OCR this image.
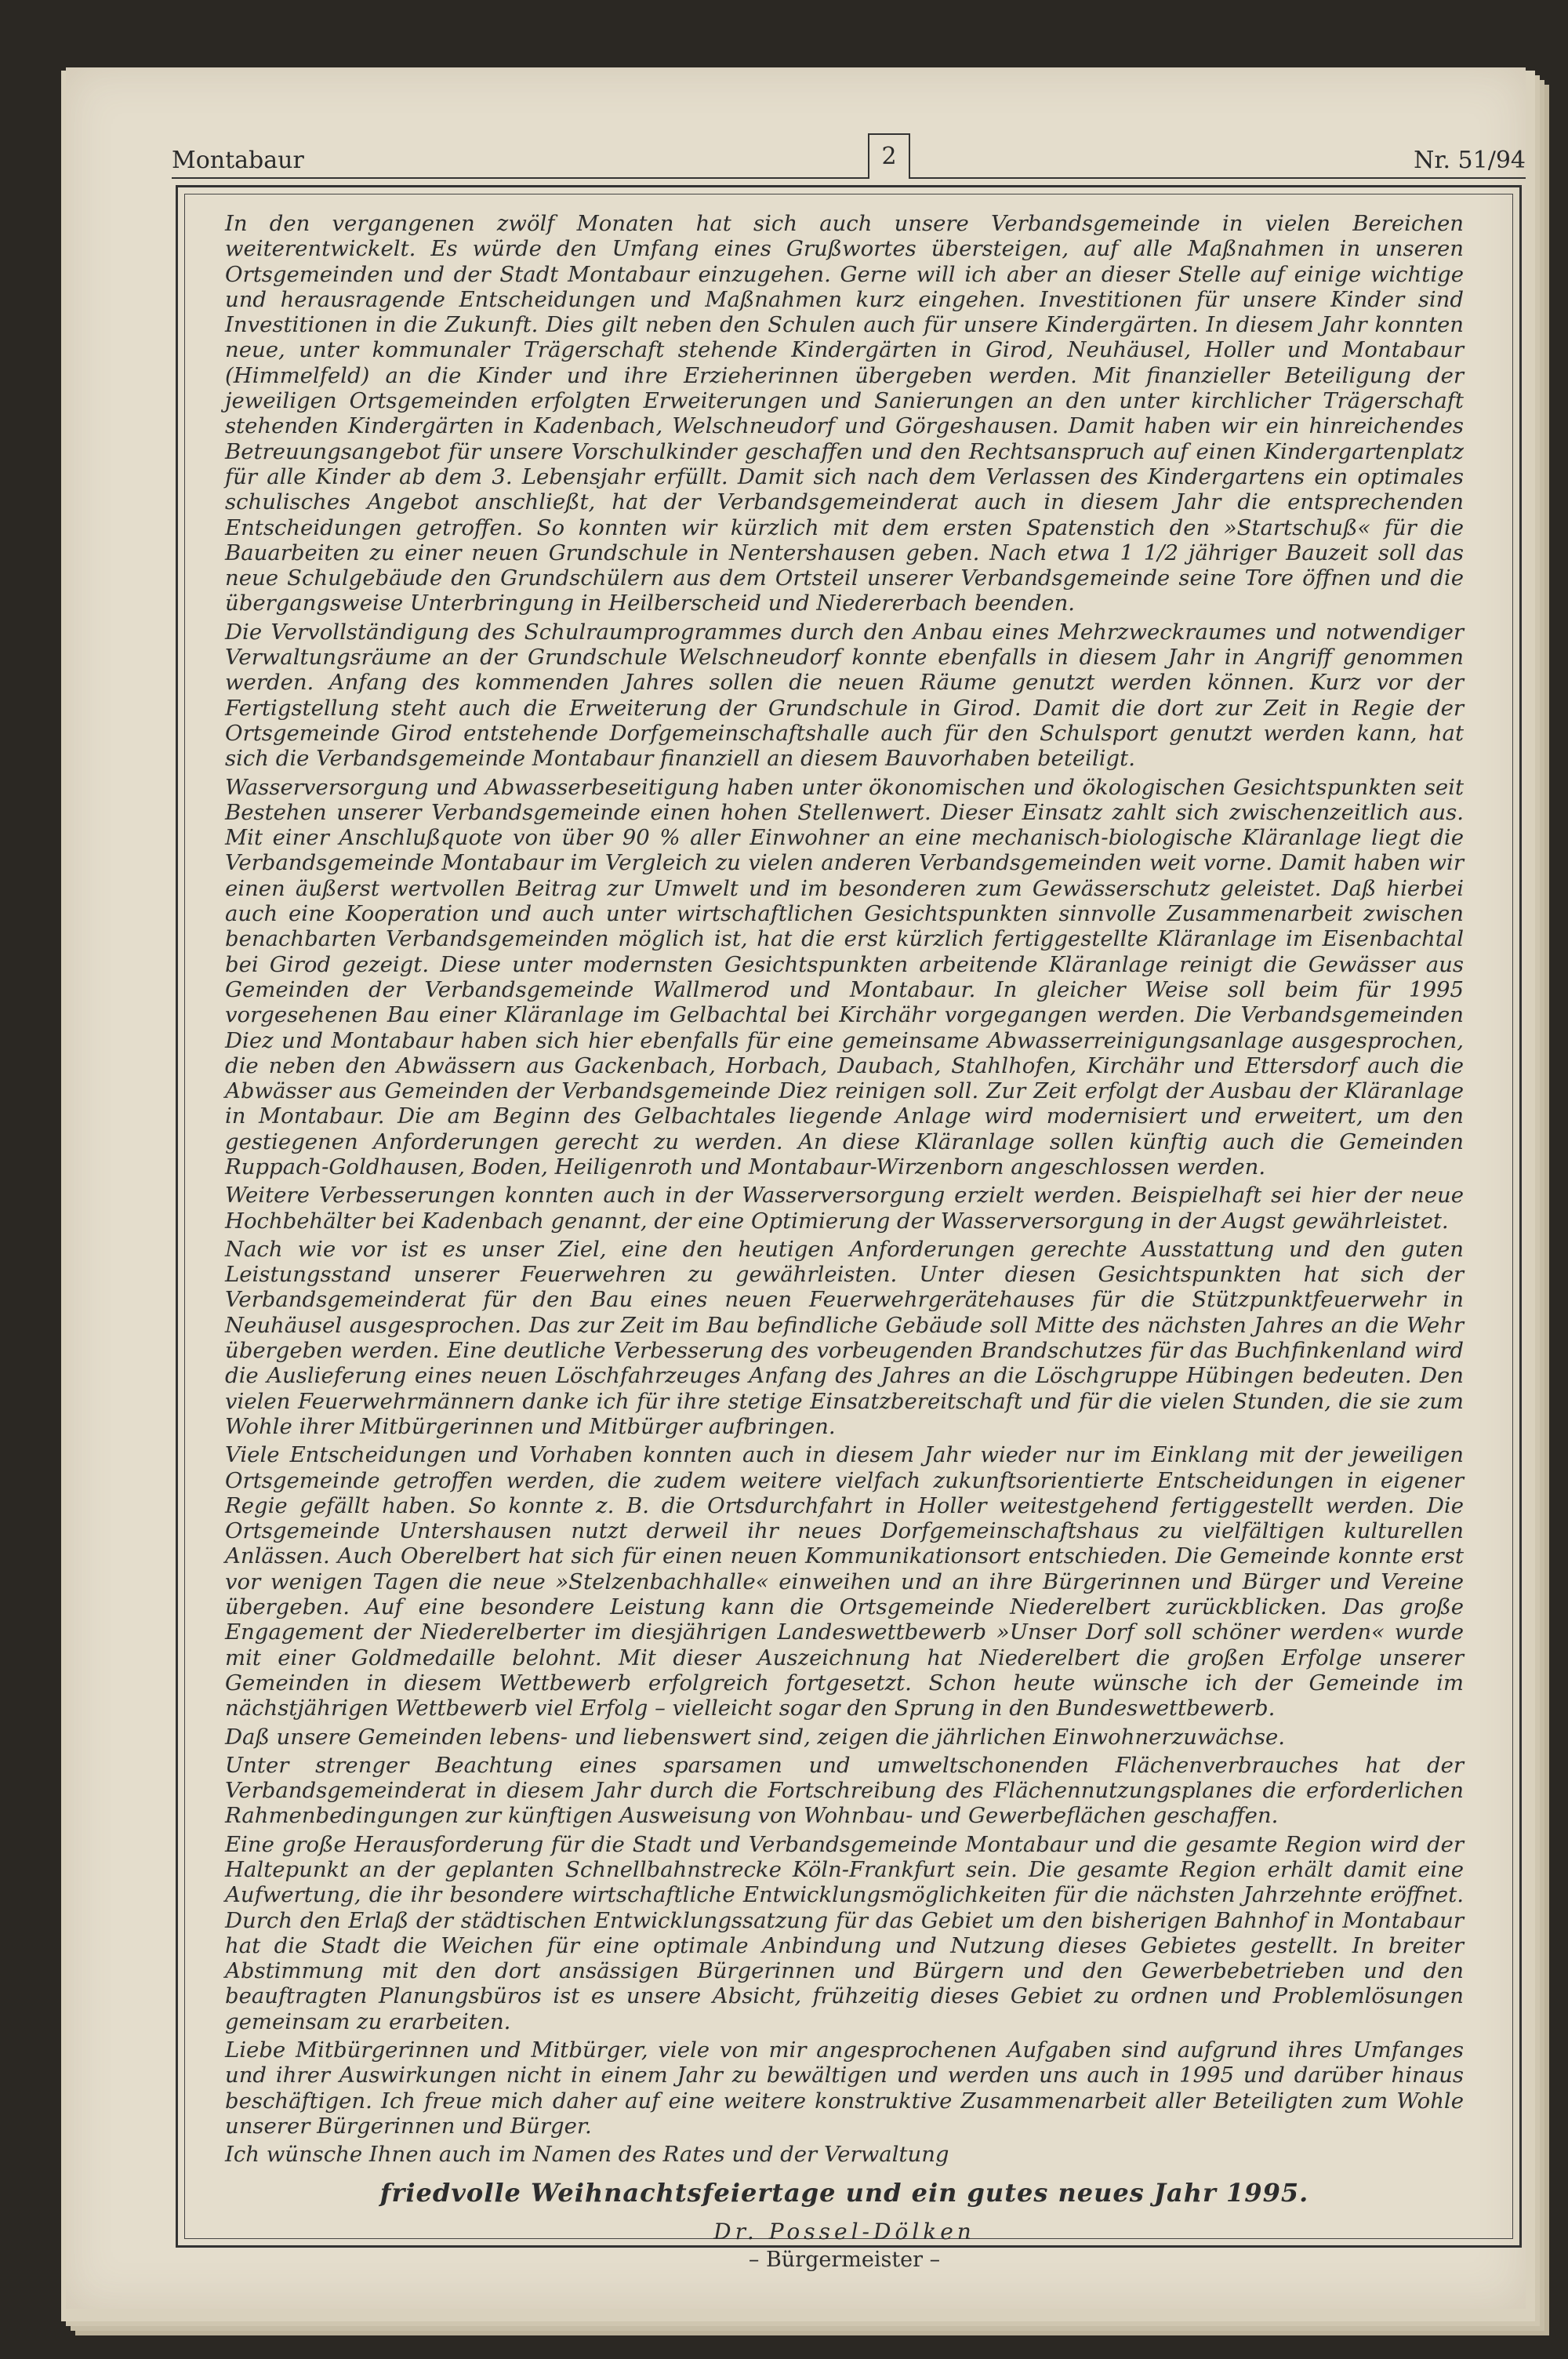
Montabaur	2	Nr. 51/94

In den vergangenen zwölf Monaten hat sich auch unsere Verbandsgemeinde in vielen Bereichen weiterentwickelt. Es würde den Umfang eines Grußwortes übersteigen, auf alle Maßnahmen in unseren Ortsgemeinden und der Stadt Montabaur einzugehen. Gerne will ich aber an dieser Stelle auf einige wichtige und herausragende Entscheidungen und Maßnahmen kurz eingehen. Investitionen für unsere Kinder sind Investitionen in die Zukunft. Dies gilt neben den Schulen auch für unsere Kindergärten. In diesem Jahr konnten neue, unter kommunaler Trägerschaft stehende Kindergärten in Girod, Neuhäusel, Holler und Montabaur (Himmelfeld) an die Kinder und ihre Erzieherinnen übergeben werden. Mit finanzieller Beteiligung der jeweiligen Ortsgemeinden erfolgten Erweiterungen und Sanierungen an den unter kirchlicher Trägerschaft stehenden Kindergärten in Kadenbach, Welschneudorf und Görgeshausen. Damit haben wir ein hinreichendes Betreuungsangebot für unsere Vorschulkinder geschaffen und den Rechtsanspruch auf einen Kindergartenplatz für alle Kinder ab dem 3. Lebensjahr erfüllt. Damit sich nach dem Verlassen des Kindergartens ein optimales schulisches Angebot anschließt, hat der Verbandsgemeinderat auch in diesem Jahr die entsprechenden Entscheidungen getroffen. So konnten wir kürzlich mit dem ersten Spatenstich den »Startschuß« für die Bauarbeiten zu einer neuen Grundschule in Nentershausen geben. Nach etwa 1 1/2 jähriger Bauzeit soll das neue Schulgebäude den Grundschülern aus dem Ortsteil unserer Verbandsgemeinde seine Tore öffnen und die übergangsweise Unterbringung in Heilberscheid und Niedererbach beenden.

Die Vervollständigung des Schulraumprogrammes durch den Anbau eines Mehrzweckraumes und notwendiger Verwaltungsräume an der Grundschule Welschneudorf konnte ebenfalls in diesem Jahr in Angriff genommen werden. Anfang des kommenden Jahres sollen die neuen Räume genutzt werden können. Kurz vor der Fertigstellung steht auch die Erweiterung der Grundschule in Girod. Damit die dort zur Zeit in Regie der Ortsgemeinde Girod entstehende Dorfgemeinschaftshalle auch für den Schulsport genutzt werden kann, hat sich die Verbandsgemeinde Montabaur finanziell an diesem Bauvorhaben beteiligt.

Wasserversorgung und Abwasserbeseitigung haben unter ökonomischen und ökologischen Gesichtspunkten seit Bestehen unserer Verbandsgemeinde einen hohen Stellenwert. Dieser Einsatz zahlt sich zwischenzeitlich aus. Mit einer Anschlußquote von über 90 % aller Einwohner an eine mechanisch-biologische Kläranlage liegt die Verbandsgemeinde Montabaur im Vergleich zu vielen anderen Verbandsgemeinden weit vorne. Damit haben wir einen äußerst wertvollen Beitrag zur Umwelt und im besonderen zum Gewässerschutz geleistet. Daß hierbei auch eine Kooperation und auch unter wirtschaftlichen Gesichtspunkten sinnvolle Zusammenarbeit zwischen benachbarten Verbandsgemeinden möglich ist, hat die erst kürzlich fertiggestellte Kläranlage im Eisenbachtal bei Girod gezeigt. Diese unter modernsten Gesichtspunkten arbeitende Kläranlage reinigt die Gewässer aus Gemeinden der Verbandsgemeinde Wallmerod und Montabaur. In gleicher Weise soll beim für 1995 vorgesehenen Bau einer Kläranlage im Gelbachtal bei Kirchähr vorgegangen werden. Die Verbandsgemeinden Diez und Montabaur haben sich hier ebenfalls für eine gemeinsame Abwasserreinigungsanlage ausgesprochen, die neben den Abwässern aus Gackenbach, Horbach, Daubach, Stahlhofen, Kirchähr und Ettersdorf auch die Abwässer aus Gemeinden der Verbandsgemeinde Diez reinigen soll. Zur Zeit erfolgt der Ausbau der Kläranlage in Montabaur. Die am Beginn des Gelbachtales liegende Anlage wird modernisiert und erweitert, um den gestiegenen Anforderungen gerecht zu werden. An diese Kläranlage sollen künftig auch die Gemeinden Ruppach-Goldhausen, Boden, Heiligenroth und Montabaur-Wirzenborn angeschlossen werden.

Weitere Verbesserungen konnten auch in der Wasserversorgung erzielt werden. Beispielhaft sei hier der neue Hochbehälter bei Kadenbach genannt, der eine Optimierung der Wasserversorgung in der Augst gewährleistet.

Nach wie vor ist es unser Ziel, eine den heutigen Anforderungen gerechte Ausstattung und den guten Leistungsstand unserer Feuerwehren zu gewährleisten. Unter diesen Gesichtspunkten hat sich der Verbandsgemeinderat für den Bau eines neuen Feuerwehrgerätehauses für die Stützpunktfeuerwehr in Neuhäusel ausgesprochen. Das zur Zeit im Bau befindliche Gebäude soll Mitte des nächsten Jahres an die Wehr übergeben werden. Eine deutliche Verbesserung des vorbeugenden Brandschutzes für das Buchfinkenland wird die Auslieferung eines neuen Löschfahrzeuges Anfang des Jahres an die Löschgruppe Hübingen bedeuten. Den vielen Feuerwehrmännern danke ich für ihre stetige Einsatzbereitschaft und für die vielen Stunden, die sie zum Wohle ihrer Mitbürgerinnen und Mitbürger aufbringen.

Viele Entscheidungen und Vorhaben konnten auch in diesem Jahr wieder nur im Einklang mit der jeweiligen Ortsgemeinde getroffen werden, die zudem weitere vielfach zukunftsorientierte Entscheidungen in eigener Regie gefällt haben. So konnte z. B. die Ortsdurchfahrt in Holler weitestgehend fertiggestellt werden. Die Ortsgemeinde Untershausen nutzt derweil ihr neues Dorfgemeinschaftshaus zu vielfältigen kulturellen Anlässen. Auch Oberelbert hat sich für einen neuen Kommunikationsort entschieden. Die Gemeinde konnte erst vor wenigen Tagen die neue »Stelzenbachhalle« einweihen und an ihre Bürgerinnen und Bürger und Vereine übergeben. Auf eine besondere Leistung kann die Ortsgemeinde Niederelbert zurückblicken. Das große Engagement der Niederelberter im diesjährigen Landeswettbewerb »Unser Dorf soll schöner werden« wurde mit einer Goldmedaille belohnt. Mit dieser Auszeichnung hat Niederelbert die großen Erfolge unserer Gemeinden in diesem Wettbewerb erfolgreich fortgesetzt. Schon heute wünsche ich der Gemeinde im nächstjährigen Wettbewerb viel Erfolg – vielleicht sogar den Sprung in den Bundeswettbewerb.

Daß unsere Gemeinden lebens- und liebenswert sind, zeigen die jährlichen Einwohnerzuwächse.

Unter strenger Beachtung eines sparsamen und umweltschonenden Flächenverbrauches hat der Verbandsgemeinderat in diesem Jahr durch die Fortschreibung des Flächennutzungsplanes die erforderlichen Rahmenbedingungen zur künftigen Ausweisung von Wohnbau- und Gewerbeflächen geschaffen.

Eine große Herausforderung für die Stadt und Verbandsgemeinde Montabaur und die gesamte Region wird der Haltepunkt an der geplanten Schnellbahnstrecke Köln-Frankfurt sein. Die gesamte Region erhält damit eine Aufwertung, die ihr besondere wirtschaftliche Entwicklungsmöglichkeiten für die nächsten Jahrzehnte eröffnet. Durch den Erlaß der städtischen Entwicklungssatzung für das Gebiet um den bisherigen Bahnhof in Montabaur hat die Stadt die Weichen für eine optimale Anbindung und Nutzung dieses Gebietes gestellt. In breiter Abstimmung mit den dort ansässigen Bürgerinnen und Bürgern und den Gewerbebetrieben und den beauftragten Planungsbüros ist es unsere Absicht, frühzeitig dieses Gebiet zu ordnen und Problemlösungen gemeinsam zu erarbeiten.

Liebe Mitbürgerinnen und Mitbürger, viele von mir angesprochenen Aufgaben sind aufgrund ihres Umfanges und ihrer Auswirkungen nicht in einem Jahr zu bewältigen und werden uns auch in 1995 und darüber hinaus beschäftigen. Ich freue mich daher auf eine weitere konstruktive Zusammenarbeit aller Beteiligten zum Wohle unserer Bürgerinnen und Bürger.

Ich wünsche Ihnen auch im Namen des Rates und der Verwaltung

friedvolle Weihnachtsfeiertage und ein gutes neues Jahr 1995.
Dr. Possel-Dölken
– Bürgermeister –
